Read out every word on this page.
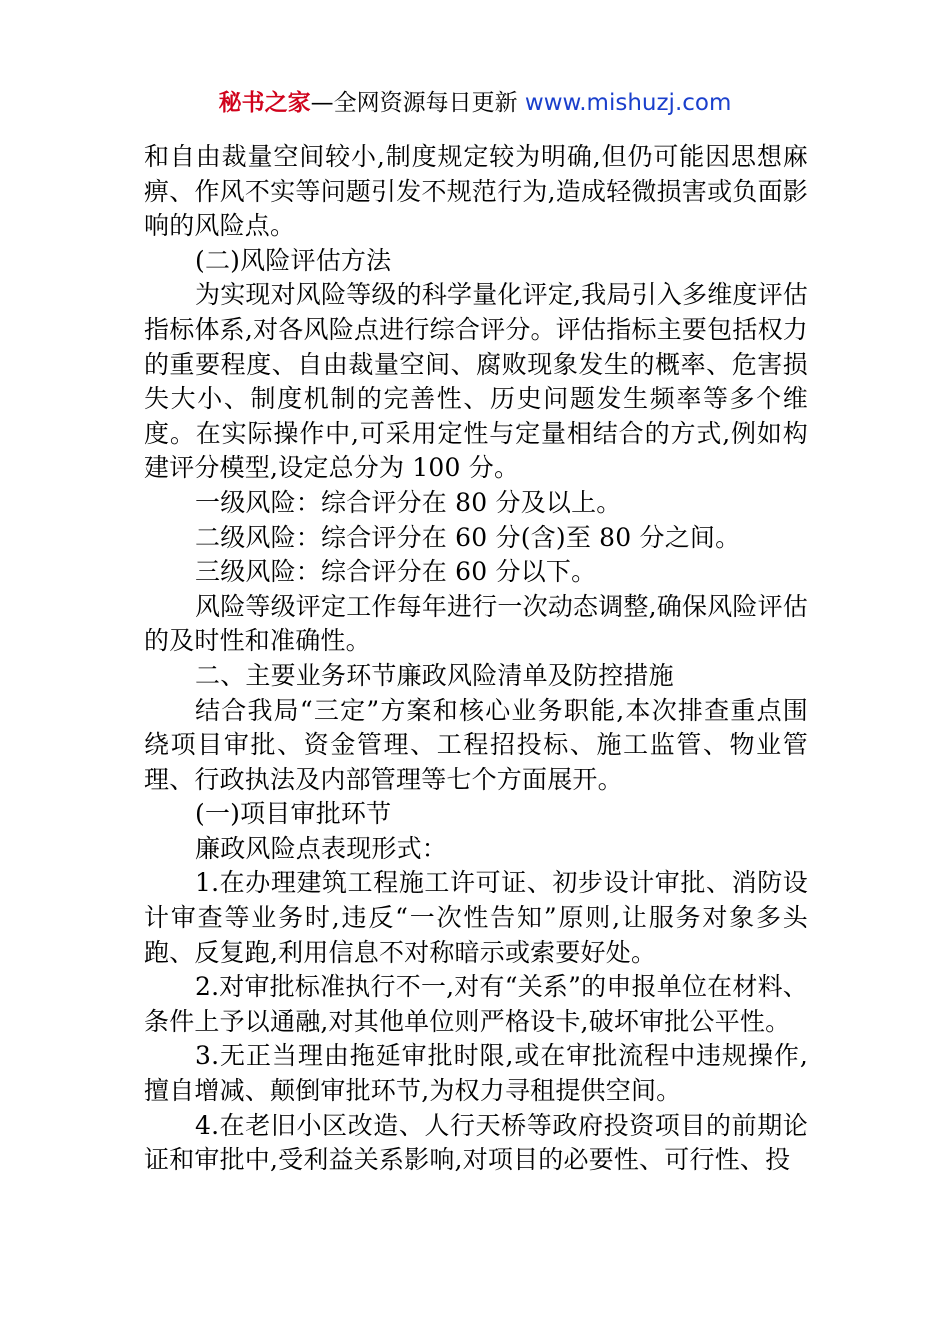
秘书之家—全网资源每日更新 www.mishuzj.com

和自由裁量空间较小,制度规定较为明确,但仍可能因思想麻痹、作风不实等问题引发不规范行为,造成轻微损害或负面影响的风险点。

(二)风险评估方法

为实现对风险等级的科学量化评定,我局引入多维度评估指标体系,对各风险点进行综合评分。评估指标主要包括权力的重要程度、自由裁量空间、腐败现象发生的概率、危害损失大小、制度机制的完善性、历史问题发生频率等多个维度。在实际操作中,可采用定性与定量相结合的方式,例如构建评分模型,设定总分为 100 分。

一级风险：综合评分在 80 分及以上。

二级风险：综合评分在 60 分(含)至 80 分之间。

三级风险：综合评分在 60 分以下。

风险等级评定工作每年进行一次动态调整,确保风险评估的及时性和准确性。

二、主要业务环节廉政风险清单及防控措施

结合我局“三定”方案和核心业务职能,本次排查重点围绕项目审批、资金管理、工程招投标、施工监管、物业管理、行政执法及内部管理等七个方面展开。

(一)项目审批环节

廉政风险点表现形式：

1.在办理建筑工程施工许可证、初步设计审批、消防设计审查等业务时,违反“一次性告知”原则,让服务对象多头跑、反复跑,利用信息不对称暗示或索要好处。

2.对审批标准执行不一,对有“关系”的申报单位在材料、条件上予以通融,对其他单位则严格设卡,破坏审批公平性。

3.无正当理由拖延审批时限,或在审批流程中违规操作,擅自增减、颠倒审批环节,为权力寻租提供空间。

4.在老旧小区改造、人行天桥等政府投资项目的前期论证和审批中,受利益关系影响,对项目的必要性、可行性、投
